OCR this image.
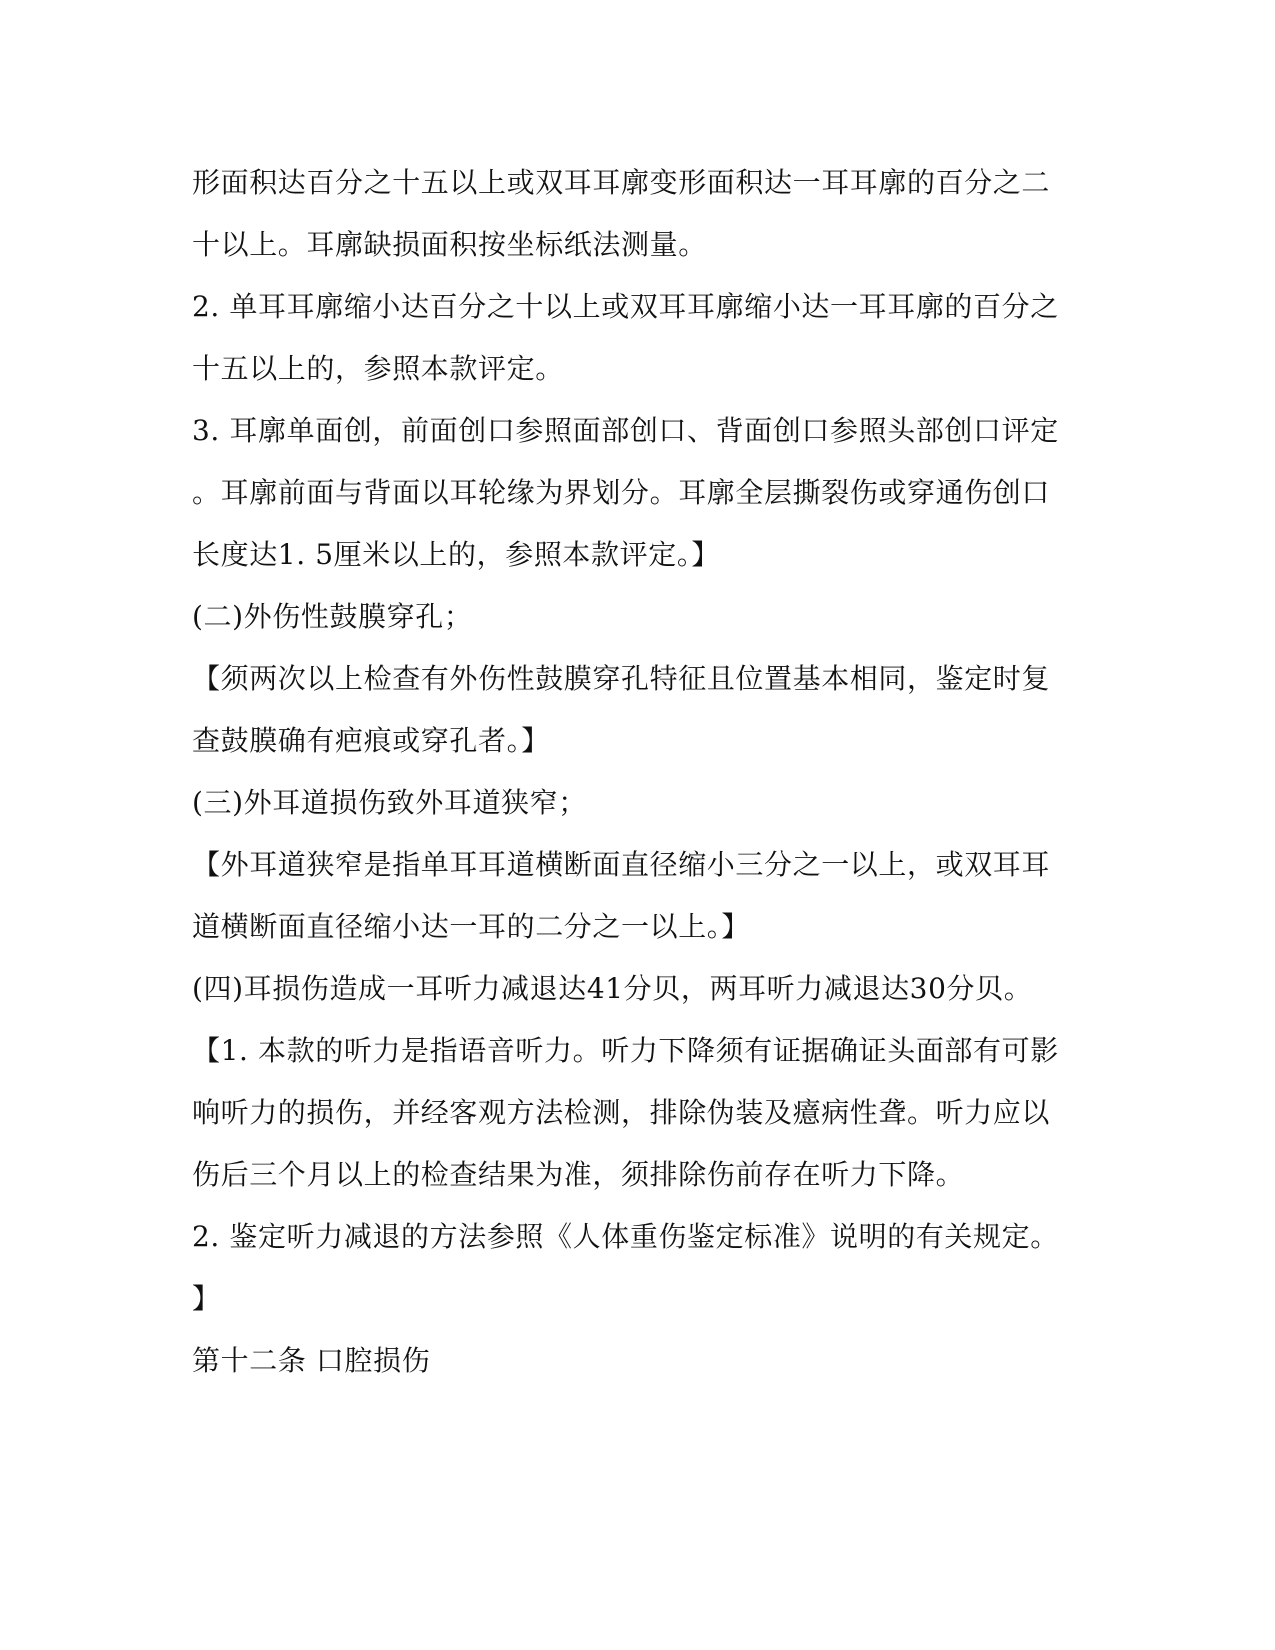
形面积达百分之十五以上或双耳耳廓变形面积达一耳耳廓的百分之二
十以上。耳廓缺损面积按坐标纸法测量。
2. 单耳耳廓缩小达百分之十以上或双耳耳廓缩小达一耳耳廓的百分之
十五以上的，参照本款评定。
3. 耳廓单面创，前面创口参照面部创口、背面创口参照头部创口评定
。耳廓前面与背面以耳轮缘为界划分。耳廓全层撕裂伤或穿通伤创口
长度达1. 5厘米以上的，参照本款评定。】
(二)外伤性鼓膜穿孔；
【须两次以上检查有外伤性鼓膜穿孔特征且位置基本相同，鉴定时复
查鼓膜确有疤痕或穿孔者。】
(三)外耳道损伤致外耳道狭窄；
【外耳道狭窄是指单耳耳道横断面直径缩小三分之一以上，或双耳耳
道横断面直径缩小达一耳的二分之一以上。】
(四)耳损伤造成一耳听力减退达41分贝，两耳听力减退达30分贝。
【1. 本款的听力是指语音听力。听力下降须有证据确证头面部有可影
响听力的损伤，并经客观方法检测，排除伪装及癔病性聋。听力应以
伤后三个月以上的检查结果为准，须排除伤前存在听力下降。
2. 鉴定听力减退的方法参照《人体重伤鉴定标准》说明的有关规定。
】
第十二条 口腔损伤
